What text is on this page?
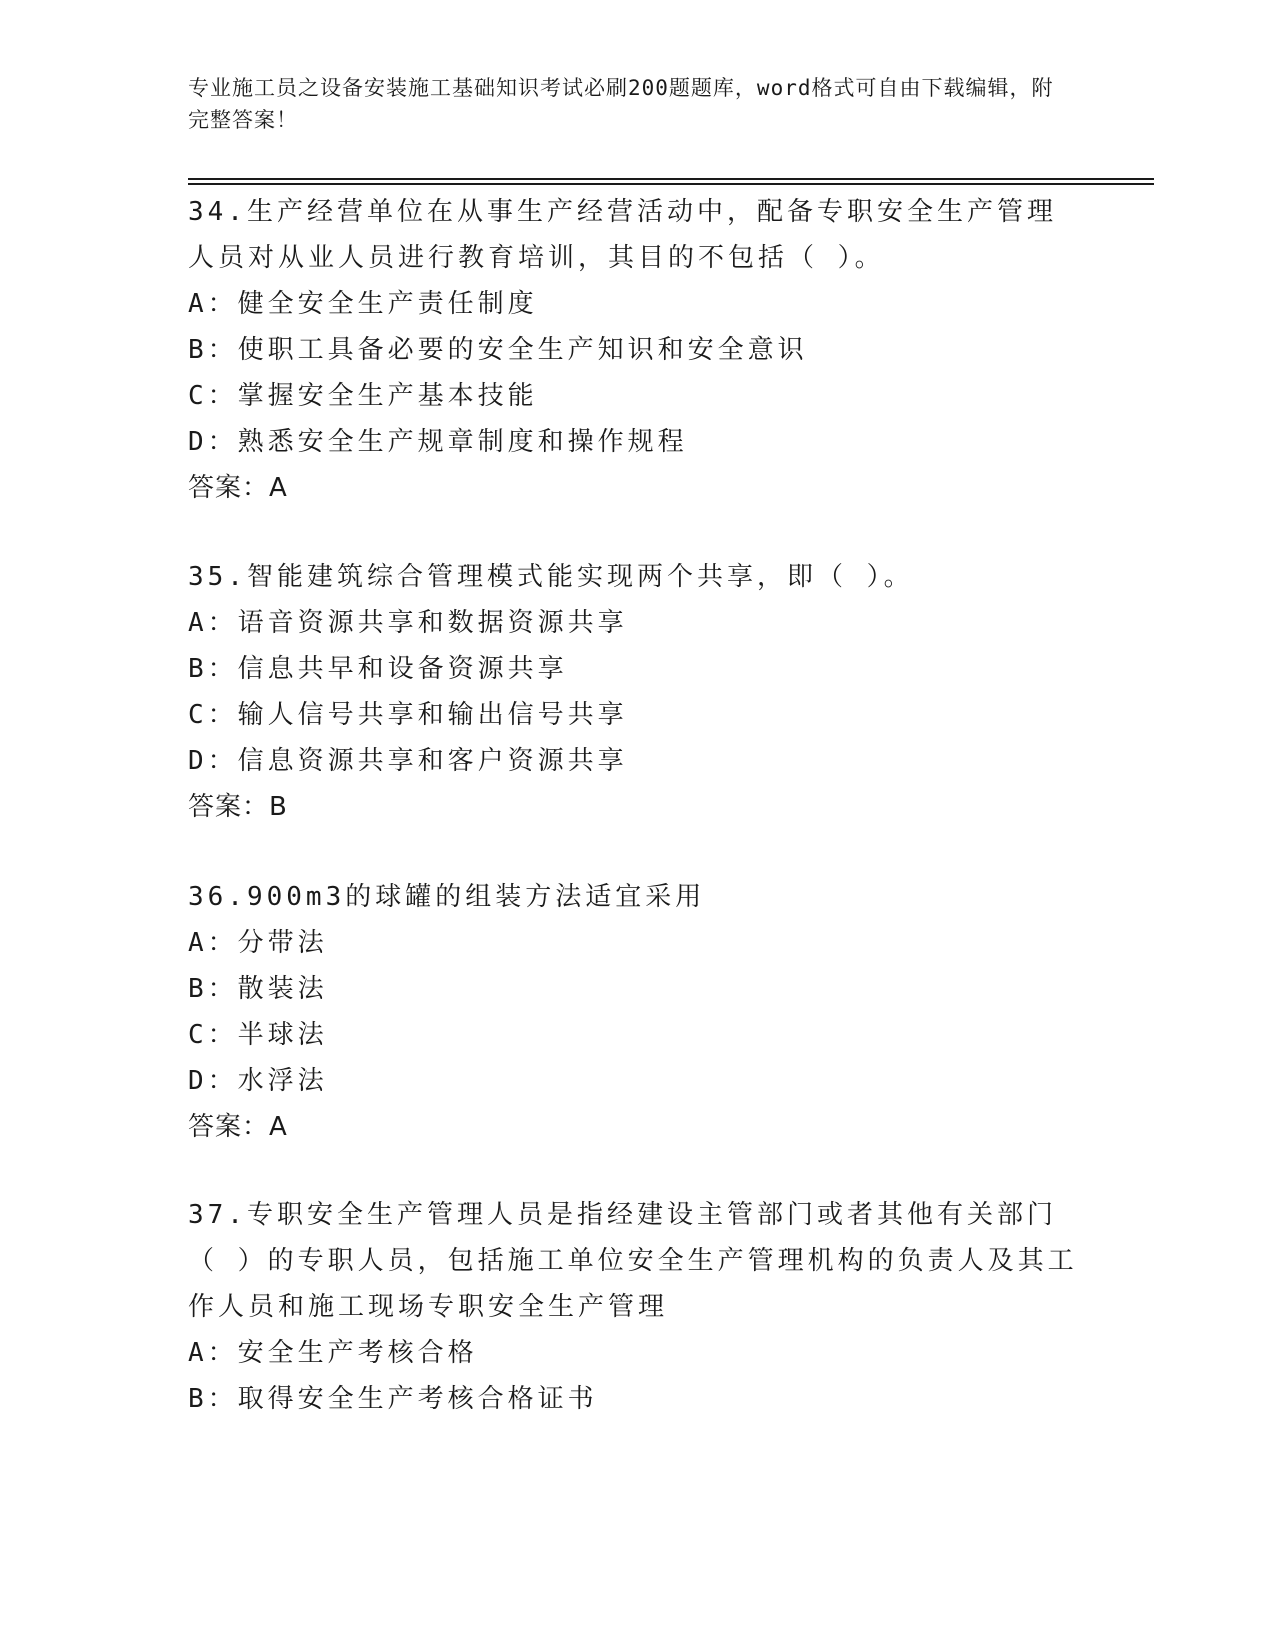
专业施工员之设备安装施工基础知识考试必刷200题题库，word格式可自由下载编辑，附完整答案！

34.生产经营单位在从事生产经营活动中，配备专职安全生产管理人员对从业人员进行教育培训，其目的不包括（ ）。

A：健全安全生产责任制度

B：使职工具备必要的安全生产知识和安全意识

C：掌握安全生产基本技能

D：熟悉安全生产规章制度和操作规程

答案：A

35.智能建筑综合管理模式能实现两个共享，即（ ）。

A：语音资源共享和数据资源共享

B：信息共早和设备资源共享

C：输人信号共享和输出信号共享

D：信息资源共享和客户资源共享

答案：B

36.900m3的球罐的组装方法适宜采用

A：分带法

B：散装法

C：半球法

D：水浮法

答案：A

37.专职安全生产管理人员是指经建设主管部门或者其他有关部门（ ）的专职人员，包括施工单位安全生产管理机构的负责人及其工作人员和施工现场专职安全生产管理

A：安全生产考核合格

B：取得安全生产考核合格证书
